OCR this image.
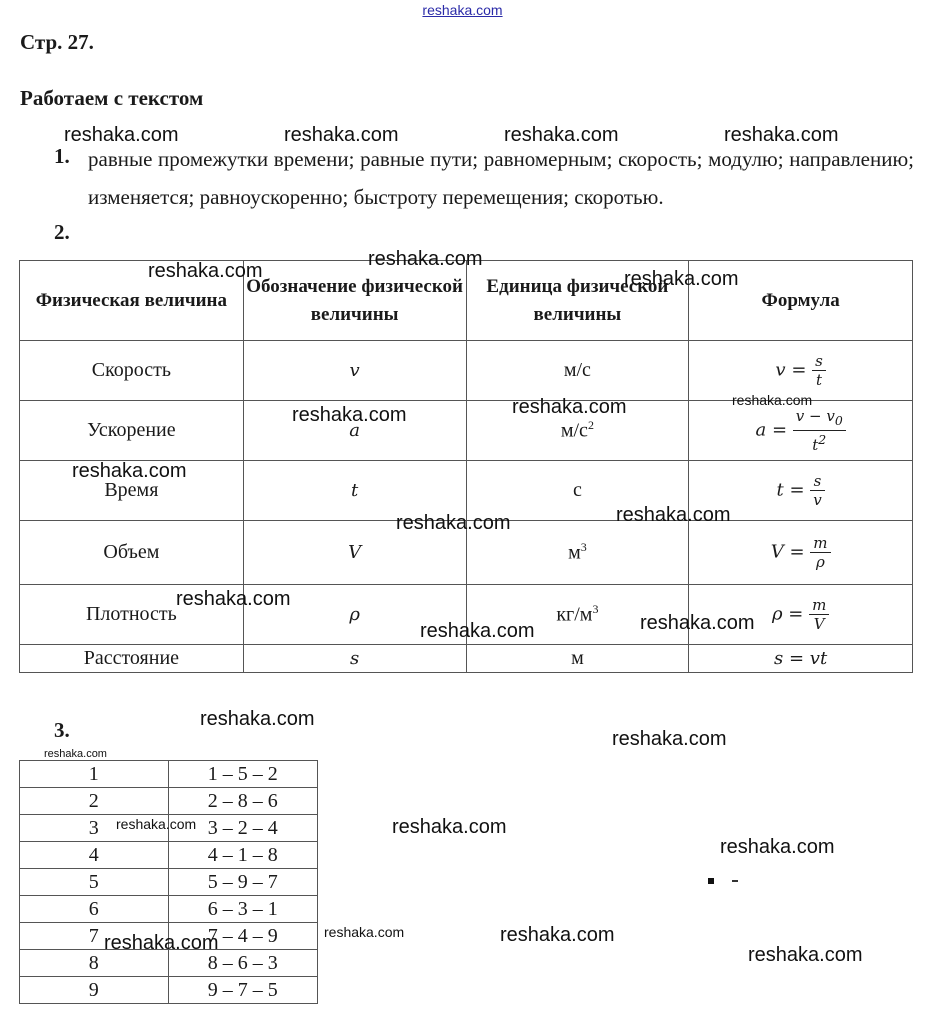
reshaka.com
Стр. 27.
Работаем с текстом
1. равные промежутки времени; равные пути; равномерным; скорость; модулю; направлению; изменяется; равноускоренно; быстроту перемещения; скоротью.
2.
Физическая величина	Обозначение физической величины	Единица физической величины	Формула
Скорость	v	м/с	$v = \frac{s}{t}$

Ускорение	a	$м/с^2$	$a = \frac{v - v_0}{t^2}$

Время	t	с	$t = \frac{s}{v}$

Объем	V	$м^3$	$V = \frac{m}{\rho}$

Плотность	ρ	$кг/м^3$	$\rho = \frac{m}{V}$

Расстояние	s	м	s = vt
3.
1	1 – 5 – 2
2	2 – 8 – 6
3	3 – 2 – 4
4	4 – 1 – 8
5	5 – 9 – 7
6	6 – 3 – 1
7	7 – 4 – 9
8	8 – 6 – 3
9	9 – 7 – 5
reshaka.com	reshaka.com	reshaka.com	reshaka.com
reshaka.com
reshaka.com	reshaka.com
reshaka.com
reshaka.com
reshaka.com
reshaka.com
reshaka.com
reshaka.com
reshaka.com
reshaka.com
reshaka.com
reshaka.com
reshaka.com
reshaka.com
reshaka.com	reshaka.com
reshaka.com
reshaka.com	reshaka.com
reshaka.com
reshaka.com
